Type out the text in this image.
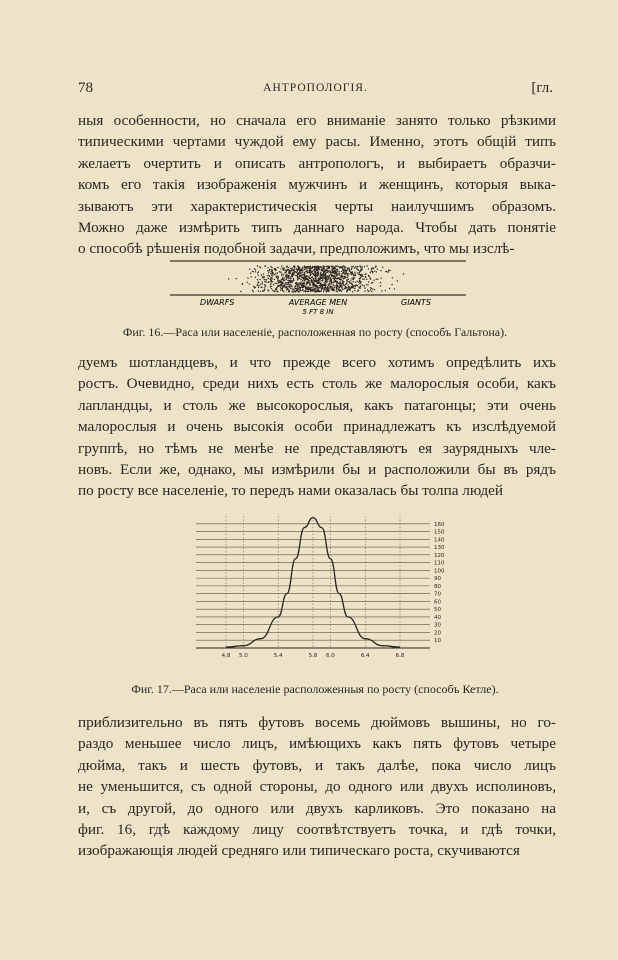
78	АНТРОПОЛОГІЯ.	[гл.
ныя особенности, но сначала его вниманіе занято только рѣзкими
типическими чертами чуждой ему расы. Именно, этотъ общій типъ
желаетъ очертить и описать антропологъ, и выбираетъ образчи-
комъ его такія изображенія мужчинъ и женщинъ, которыя выка-
зываютъ эти характеристическія черты наилучшимъ образомъ.
Можно даже измѣрить типъ даннаго народа. Чтобы дать понятіе
о способѣ рѣшенія подобной задачи, предположимъ, что мы изслѣ-
DWARFS	AVERAGE MEN	GIANTS
5 FT 8 IN

Фиг. 16.—Раса или населеніе, расположенная по росту (способъ Гальтона).

дуемъ шотландцевъ, и что прежде всего хотимъ опредѣлить ихъ
ростъ. Очевидно, среди нихъ есть столь же малорослыя особи, какъ
лапландцы, и столь же высокорослыя, какъ патагонцы; эти очень
малорослыя и очень высокія особи принадлежатъ къ изслѣдуемой
группѣ, но тѣмъ не менѣе не представляютъ ея заурядныхъ чле-
новъ. Если же, однако, мы измѣрили бы и расположили бы въ рядъ
по росту все населеніе, то передъ нами оказалась бы толпа людей
160
150
140
130
120
110
100
90
80
70
60
50
40
30
20
10
4.8 5.0	5.4	5.8 6.0	6.4	6.8

Фиг. 17.—Раса или населеніе расположенныя по росту (способъ Кетле).

приблизительно въ пять футовъ восемь дюймовъ вышины, но го-
раздо меньшее число лицъ, имѣющихъ какъ пять футовъ четыре
дюйма, такъ и шесть футовъ, и такъ далѣе, пока число лицъ
не уменьшится, съ одной стороны, до одного или двухъ исполиновъ,
и, съ другой, до одного или двухъ карликовъ. Это показано на
фиг. 16, гдѣ каждому лицу соотвѣтствуетъ точка, и гдѣ точки,
изображающія людей средняго или типическаго роста, скучиваются
